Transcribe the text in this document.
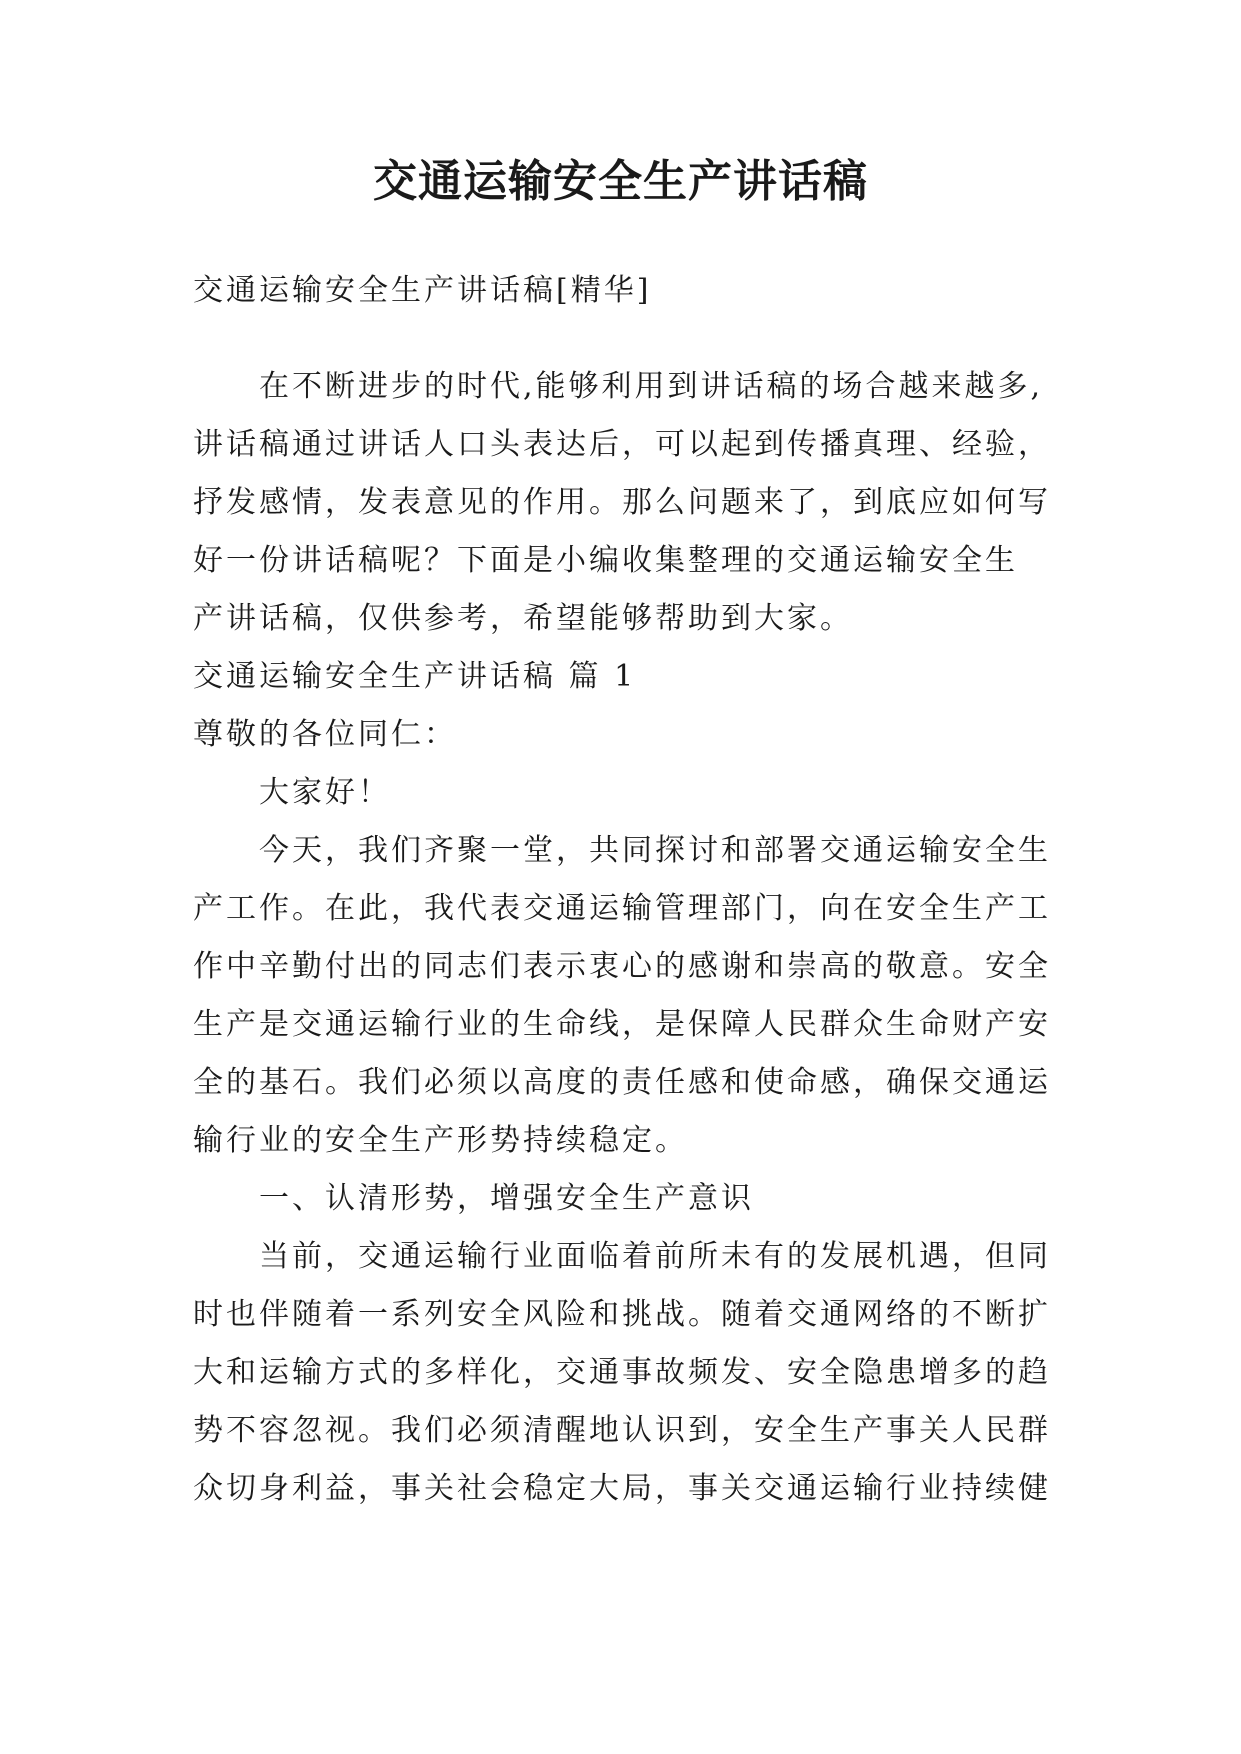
交通运输安全生产讲话稿

交通运输安全生产讲话稿[精华]

在不断进步的时代,能够利用到讲话稿的场合越来越多,

讲话稿通过讲话人口头表达后，可以起到传播真理、经验，

抒发感情，发表意见的作用。那么问题来了，到底应如何写

好一份讲话稿呢？下面是小编收集整理的交通运输安全生

产讲话稿，仅供参考，希望能够帮助到大家。

交通运输安全生产讲话稿 篇 1

尊敬的各位同仁：

大家好！

今天，我们齐聚一堂，共同探讨和部署交通运输安全生

产工作。在此，我代表交通运输管理部门，向在安全生产工

作中辛勤付出的同志们表示衷心的感谢和崇高的敬意。安全

生产是交通运输行业的生命线，是保障人民群众生命财产安

全的基石。我们必须以高度的责任感和使命感，确保交通运

输行业的安全生产形势持续稳定。

一、认清形势，增强安全生产意识

当前，交通运输行业面临着前所未有的发展机遇，但同

时也伴随着一系列安全风险和挑战。随着交通网络的不断扩

大和运输方式的多样化，交通事故频发、安全隐患增多的趋

势不容忽视。我们必须清醒地认识到，安全生产事关人民群

众切身利益，事关社会稳定大局，事关交通运输行业持续健
